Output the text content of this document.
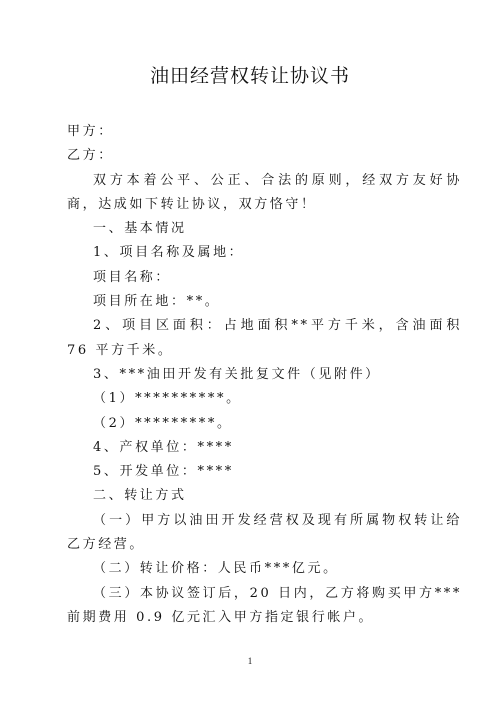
油田经营权转让协议书

甲方：

乙方：

双方本着公平、公正、合法的原则，经双方友好协商，达成如下转让协议，双方恪守！

一、基本情况

1、项目名称及属地：

项目名称：

项目所在地：**。

2、项目区面积：占地面积**平方千米，含油面积 76 平方千米。

3、***油田开发有关批复文件（见附件）

（1）**********。

（2）*********。

4、产权单位：****

5、开发单位：****

二、转让方式

（一）甲方以油田开发经营权及现有所属物权转让给乙方经营。

（二）转让价格：人民币***亿元。

（三）本协议签订后，20 日内，乙方将购买甲方***前期费用 0.9 亿元汇入甲方指定银行帐户。

1
